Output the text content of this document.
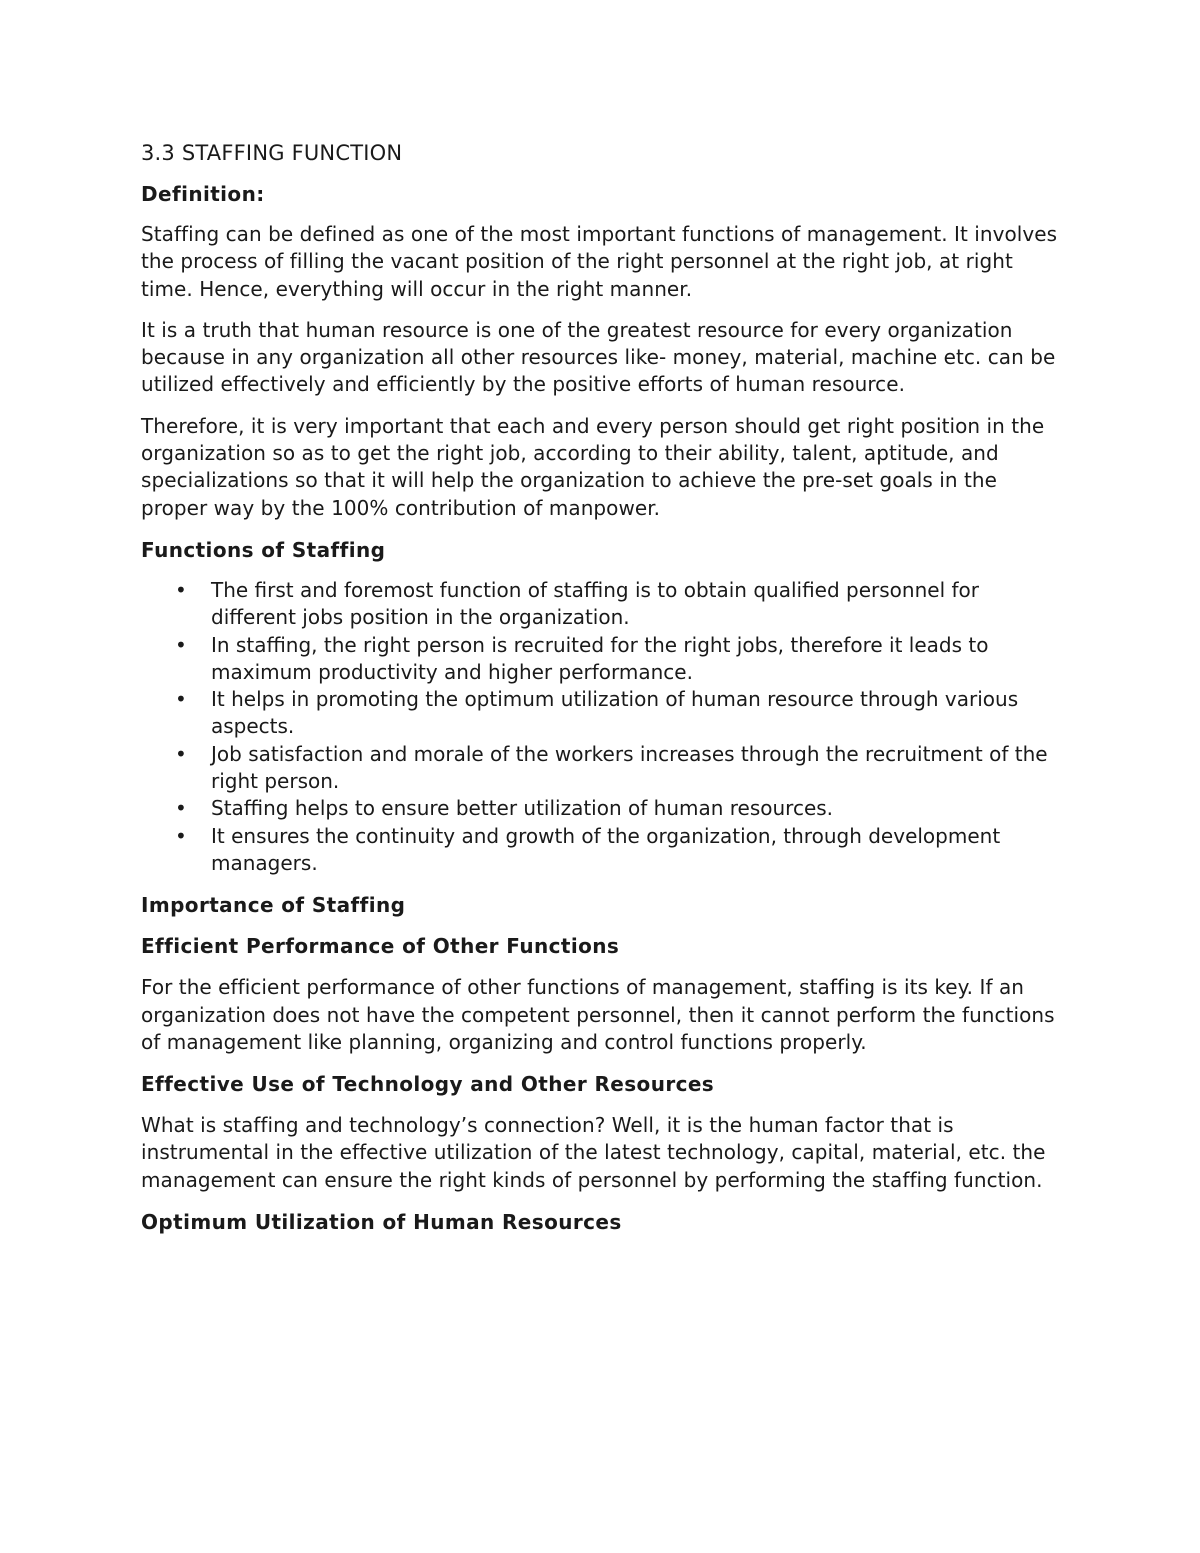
3.3 STAFFING FUNCTION
Definition:

Staffing can be defined as one of the most important functions of management. It involves the process of filling the vacant position of the right personnel at the right job, at right time. Hence, everything will occur in the right manner.

It is a truth that human resource is one of the greatest resource for every organization because in any organization all other resources like- money, material, machine etc. can be utilized effectively and efficiently by the positive efforts of human resource.

Therefore, it is very important that each and every person should get right position in the organization so as to get the right job, according to their ability, talent, aptitude, and specializations so that it will help the organization to achieve the pre-set goals in the proper way by the 100% contribution of manpower.

Functions of Staffing
• The first and foremost function of staffing is to obtain qualified personnel for different jobs position in the organization.
• In staffing, the right person is recruited for the right jobs, therefore it leads to maximum productivity and higher performance.
• It helps in promoting the optimum utilization of human resource through various aspects.
• Job satisfaction and morale of the workers increases through the recruitment of the right person.
• Staffing helps to ensure better utilization of human resources.
• It ensures the continuity and growth of the organization, through development managers.
Importance of Staffing
Efficient Performance of Other Functions

For the efficient performance of other functions of management, staffing is its key. If an organization does not have the competent personnel, then it cannot perform the functions of management like planning, organizing and control functions properly.

Effective Use of Technology and Other Resources

What is staffing and technology’s connection? Well, it is the human factor that is instrumental in the effective utilization of the latest technology, capital, material, etc. the management can ensure the right kinds of personnel by performing the staffing function.

Optimum Utilization of Human Resources
